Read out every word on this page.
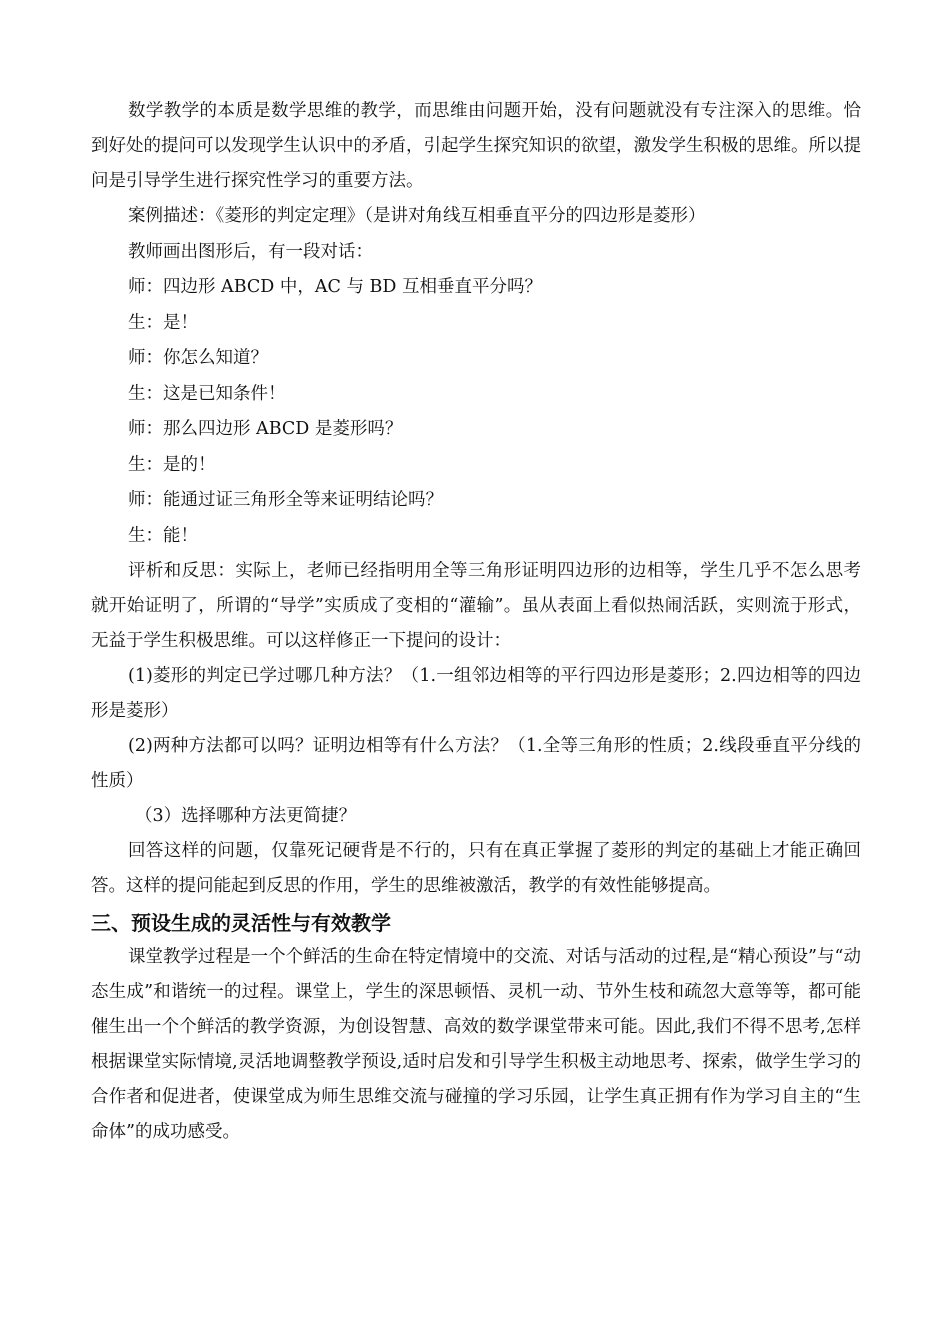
数学教学的本质是数学思维的教学，而思维由问题开始，没有问题就没有专注深入的思维。恰到好处的提问可以发现学生认识中的矛盾，引起学生探究知识的欲望，激发学生积极的思维。所以提问是引导学生进行探究性学习的重要方法。

案例描述：《菱形的判定定理》（是讲对角线互相垂直平分的四边形是菱形）

教师画出图形后，有一段对话：

师：四边形 ABCD 中，AC 与 BD 互相垂直平分吗？

生：是！

师：你怎么知道？

生：这是已知条件！

师：那么四边形 ABCD 是菱形吗？

生：是的！

师：能通过证三角形全等来证明结论吗？

生：能！

评析和反思：实际上，老师已经指明用全等三角形证明四边形的边相等，学生几乎不怎么思考就开始证明了，所谓的“导学”实质成了变相的“灌输”。虽从表面上看似热闹活跃，实则流于形式，无益于学生积极思维。可以这样修正一下提问的设计：

(1)菱形的判定已学过哪几种方法？（1.一组邻边相等的平行四边形是菱形；2.四边相等的四边形是菱形）

(2)两种方法都可以吗？证明边相等有什么方法？（1.全等三角形的性质；2.线段垂直平分线的性质）

（3）选择哪种方法更简捷？

回答这样的问题，仅靠死记硬背是不行的，只有在真正掌握了菱形的判定的基础上才能正确回答。这样的提问能起到反思的作用，学生的思维被激活，教学的有效性能够提高。

三、预设生成的灵活性与有效教学

课堂教学过程是一个个鲜活的生命在特定情境中的交流、对话与活动的过程,是“精心预设”与“动态生成”和谐统一的过程。课堂上，学生的深思顿悟、灵机一动、节外生枝和疏忽大意等等，都可能催生出一个个鲜活的教学资源，为创设智慧、高效的数学课堂带来可能。因此,我们不得不思考,怎样根据课堂实际情境,灵活地调整教学预设,适时启发和引导学生积极主动地思考、探索，做学生学习的合作者和促进者，使课堂成为师生思维交流与碰撞的学习乐园，让学生真正拥有作为学习自主的“生命体”的成功感受。
